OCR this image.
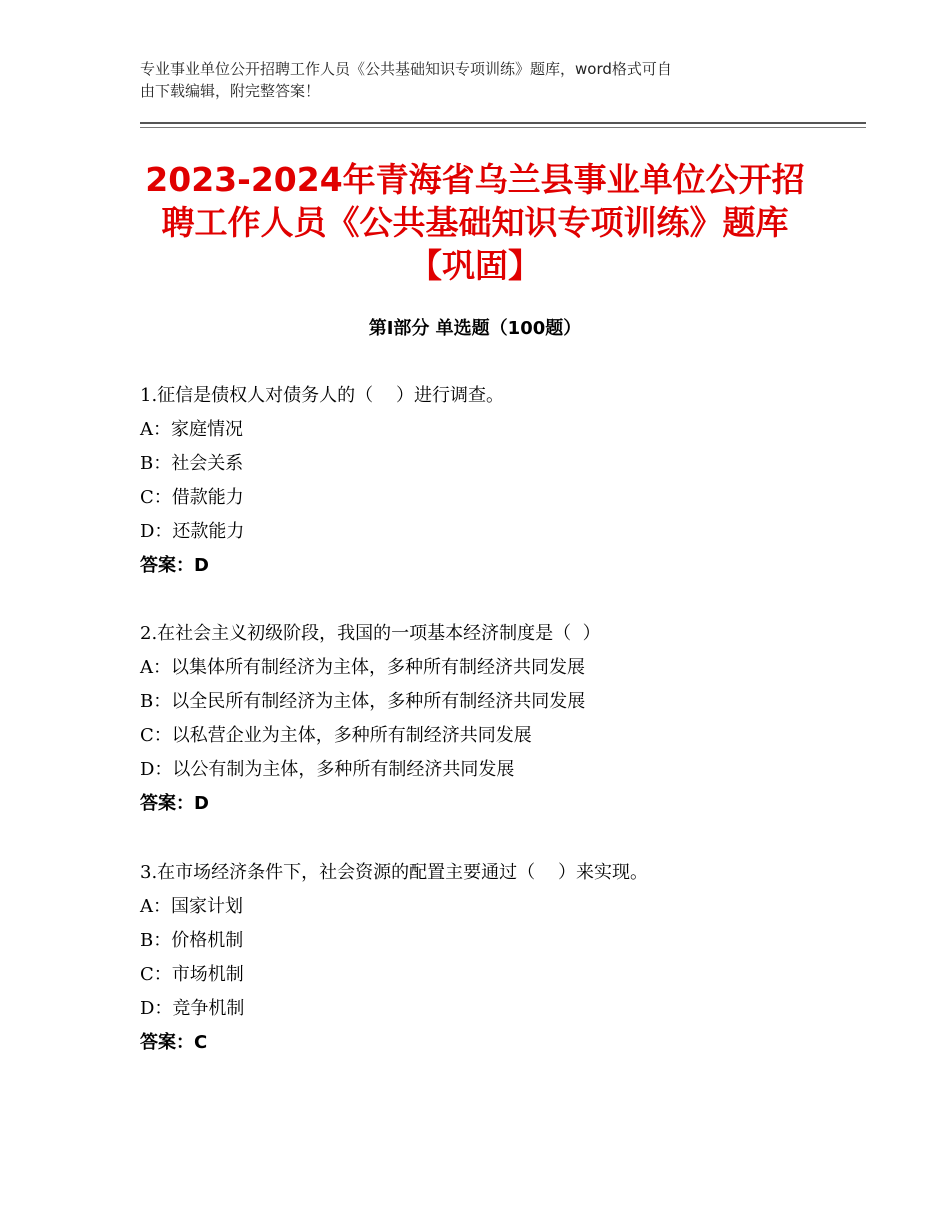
专业事业单位公开招聘工作人员《公共基础知识专项训练》题库，word格式可自
由下载编辑，附完整答案！
2023-2024年青海省乌兰县事业单位公开招
聘工作人员《公共基础知识专项训练》题库
【巩固】
第Ⅰ部分 单选题（100题）

1.征信是债权人对债务人的（    ）进行调查。

A：家庭情况

B：社会关系

C：借款能力

D：还款能力

答案：D

2.在社会主义初级阶段，我国的一项基本经济制度是（  ）

A：以集体所有制经济为主体，多种所有制经济共同发展

B：以全民所有制经济为主体，多种所有制经济共同发展

C：以私营企业为主体，多种所有制经济共同发展

D：以公有制为主体，多种所有制经济共同发展

答案：D

3.在市场经济条件下，社会资源的配置主要通过（    ）来实现。

A：国家计划

B：价格机制

C：市场机制

D：竞争机制

答案：C
